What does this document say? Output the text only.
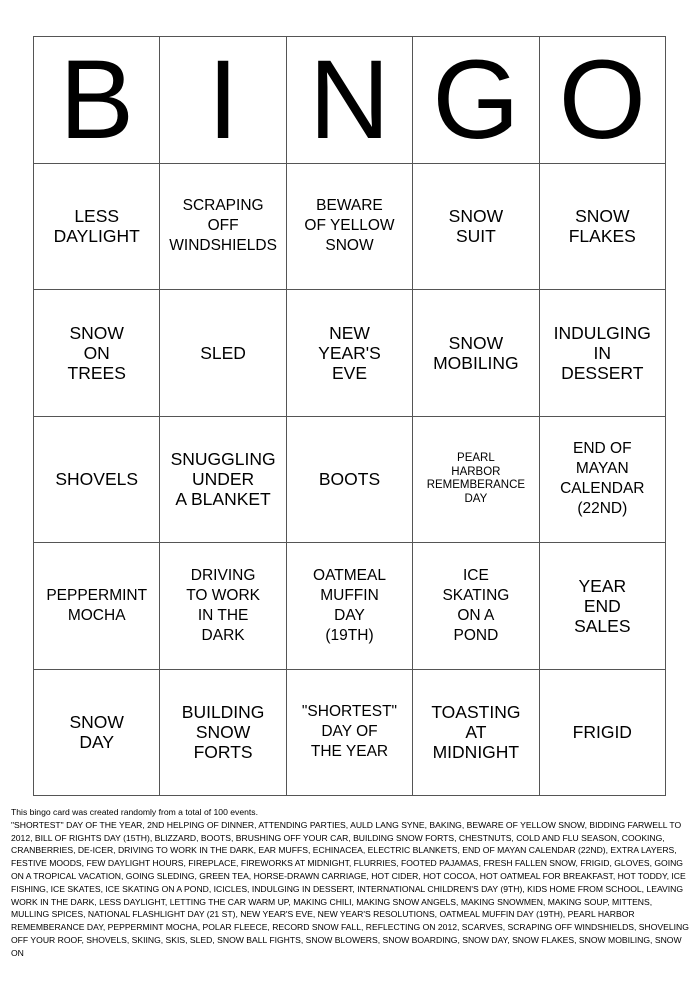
B I N G O
LESS
DAYLIGHT
SCRAPING
OFF
WINDSHIELDS
BEWARE
OF YELLOW
SNOW
SNOW
SUIT
SNOW
FLAKES
SNOW
ON
TREES
SLED
NEW
YEAR'S
EVE
SNOW
MOBILING
INDULGING
IN
DESSERT
SHOVELS
SNUGGLING
UNDER
A BLANKET
BOOTS
PEARL
HARBOR
REMEMBERANCE
DAY
END OF
MAYAN
CALENDAR
(22ND)
PEPPERMINT
MOCHA
DRIVING
TO WORK
IN THE
DARK
OATMEAL
MUFFIN
DAY
(19TH)
ICE
SKATING
ON A
POND
YEAR
END
SALES
SNOW
DAY
BUILDING
SNOW
FORTS
"SHORTEST"
DAY OF
THE YEAR
TOASTING
AT
MIDNIGHT
FRIGID

This bingo card was created randomly from a total of 100 events.

"SHORTEST" DAY OF THE YEAR, 2ND HELPING OF DINNER, ATTENDING PARTIES, AULD LANG SYNE, BAKING, BEWARE OF YELLOW SNOW, BIDDING FARWELL TO 2012, BILL OF RIGHTS DAY (15TH), BLIZZARD, BOOTS, BRUSHING OFF YOUR CAR, BUILDING SNOW FORTS, CHESTNUTS, COLD AND FLU SEASON, COOKING, CRANBERRIES, DE-ICER, DRIVING TO WORK IN THE DARK, EAR MUFFS, ECHINACEA, ELECTRIC BLANKETS, END OF MAYAN CALENDAR (22ND), EXTRA LAYERS, FESTIVE MOODS, FEW DAYLIGHT HOURS, FIREPLACE, FIREWORKS AT MIDNIGHT, FLURRIES, FOOTED PAJAMAS, FRESH FALLEN SNOW, FRIGID, GLOVES, GOING ON A TROPICAL VACATION, GOING SLEDING, GREEN TEA, HORSE-DRAWN CARRIAGE, HOT CIDER, HOT COCOA, HOT OATMEAL FOR BREAKFAST, HOT TODDY, ICE FISHING, ICE SKATES, ICE SKATING ON A POND, ICICLES, INDULGING IN DESSERT, INTERNATIONAL CHILDREN'S DAY (9TH), KIDS HOME FROM SCHOOL, LEAVING WORK IN THE DARK, LESS DAYLIGHT, LETTING THE CAR WARM UP, MAKING CHILI, MAKING SNOW ANGELS, MAKING SNOWMEN, MAKING SOUP, MITTENS, MULLING SPICES, NATIONAL FLASHLIGHT DAY (21 ST), NEW YEAR'S EVE, NEW YEAR'S RESOLUTIONS, OATMEAL MUFFIN DAY (19TH), PEARL HARBOR REMEMBERANCE DAY, PEPPERMINT MOCHA, POLAR FLEECE, RECORD SNOW FALL, REFLECTING ON 2012, SCARVES, SCRAPING OFF WINDSHIELDS, SHOVELING OFF YOUR ROOF, SHOVELS, SKIING, SKIS, SLED, SNOW BALL FIGHTS, SNOW BLOWERS, SNOW BOARDING, SNOW DAY, SNOW FLAKES, SNOW MOBILING, SNOW ON
